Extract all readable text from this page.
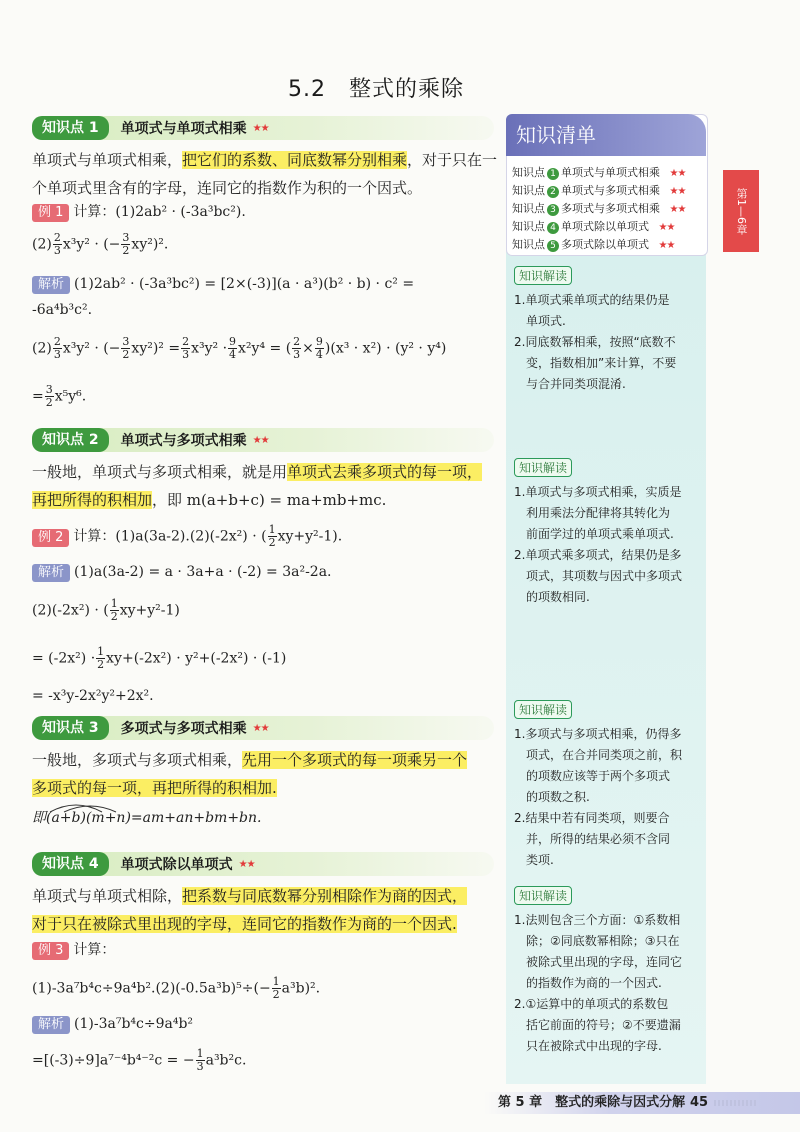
5.2　整式的乘除
知识点 1	单项式与单项式相乘 ★★
单项式与单项式相乘，把它们的系数、同底数幂分别相乘，对于只在一个单项式里含有的字母，连同它的指数作为积的一个因式。
例 1 计算：(1)2ab² · (-3a³bc²).
$(2) \frac{2}{3} x^3y^2$ · (− $\frac{3}{2} xy^2)^2$.
解析 (1)2ab² · (-3a³bc²) = [2×(-3)](a · a³)(b² · b) · c² =
-6a⁴b³c².
$(2) \frac{2}{3} x^3y^2$ · (− $\frac{3}{2} xy^2)^2 = \frac{2}{3} x^3y^2 \cdot \frac{9}{4} x^2y^4$ = ( $\frac{2}{3} \times \frac{9}{4} )(x^3 \cdot x^2) \cdot (y^2 \cdot y^4)$
= $\frac{3}{2} x^5y^6$.
知识点 2	单项式与多项式相乘 ★★
一般地，单项式与多项式相乘，就是用单项式去乘多项式的每一项，
再把所得的积相加，即 m(a+b+c) = ma+mb+mc.
例 2 计算：(1)a(3a-2).(2)(-2x²) · ( $\frac{1}{2} xy+y^2-1$).
解析 (1)a(3a-2) = a · 3a+a · (-2) = 3a²-2a.
(2)(-2x²) · ( $\frac{1}{2} xy+y^2-1$)
= $(-2x^2) \cdot \frac{1}{2} xy+(-2x^2) \cdot y^2+(-2x^2) \cdot (-1)$
= -x³y-2x²y²+2x².
知识点 3	多项式与多项式相乘 ★★
一般地，多项式与多项式相乘，先用一个多项式的每一项乘另一个
多项式的每一项，再把所得的积相加.
即(a+b)(m+n)=am+an+bm+bn.
知识点 4	单项式除以单项式 ★★
单项式与单项式相除，把系数与同底数幂分别相除作为商的因式，
对于只在被除式里出现的字母，连同它的指数作为商的一个因式.
例 3 计算：
$(1)-3a^7b^4c\div 9a^4b^2.(2)(-0.5a^3b)^5\div(- \frac{1}{2} a^3b)^2$.
解析 (1)-3a⁷b⁴c÷9a⁴b²
=[(-3)÷9]a⁷⁻⁴b⁴⁻²c = − $\frac{1}{3} a^3b^2c$.
知识清单
知识点 1 单项式与单项式相乘 ★★
知识点 2 单项式与多项式相乘 ★★
知识点 3 多项式与多项式相乘 ★★
知识点 4 单项式除以单项式 ★★
知识点 5 多项式除以单项式 ★★
知识解读
1.单项式乘单项式的结果仍是
　单项式.
2.同底数幂相乘，按照“底数不
　变，指数相加”来计算，不要
　与合并同类项混淆.
知识解读
1.单项式与多项式相乘，实质是
　利用乘法分配律将其转化为
　前面学过的单项式乘单项式.
2.单项式乘多项式，结果仍是多
　项式，其项数与因式中多项式
　的项数相同.
知识解读
1.多项式与多项式相乘，仍得多
　项式，在合并同类项之前，积
　的项数应该等于两个多项式
　的项数之积.
2.结果中若有同类项，则要合
　并，所得的结果必须不含同
　类项.
知识解读
1.法则包含三个方面：①系数相
　除；②同底数幂相除；③只在
　被除式里出现的字母，连同它
　的指数作为商的一个因式.
2.①运算中的单项式的系数包
　括它前面的符号；②不要遗漏
　只在被除式中出现的字母.
第1—6章
第 5 章　整式的乘除与因式分解 45
